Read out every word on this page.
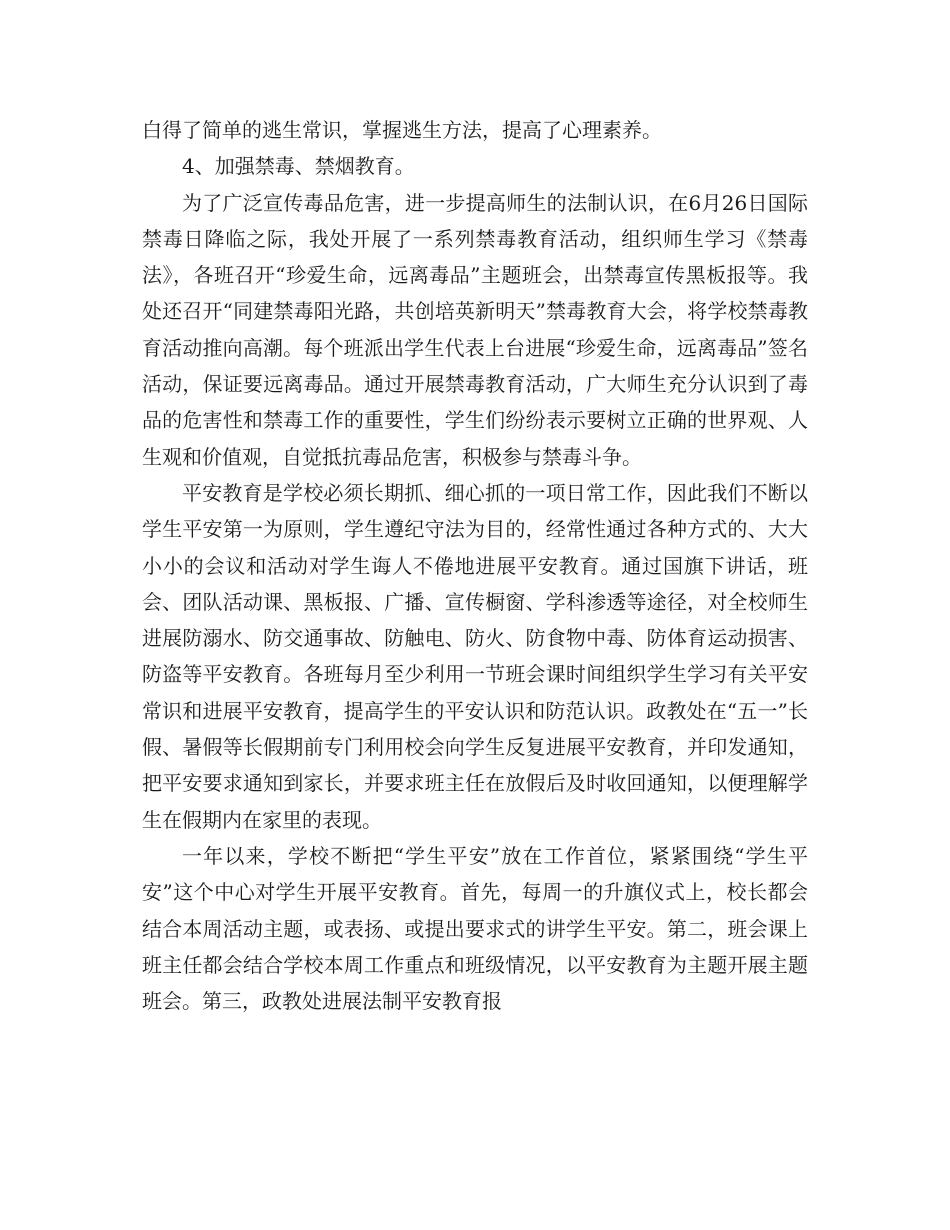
白得了简单的逃生常识，掌握逃生方法，提高了心理素养。

4、加强禁毒、禁烟教育。

为了广泛宣传毒品危害，进一步提高师生的法制认识，在6月26日国际禁毒日降临之际，我处开展了一系列禁毒教育活动，组织师生学习《禁毒法》，各班召开“珍爱生命，远离毒品”主题班会，出禁毒宣传黑板报等。我处还召开“同建禁毒阳光路，共创培英新明天”禁毒教育大会，将学校禁毒教育活动推向高潮。每个班派出学生代表上台进展“珍爱生命，远离毒品”签名活动，保证要远离毒品。通过开展禁毒教育活动，广大师生充分认识到了毒品的危害性和禁毒工作的重要性，学生们纷纷表示要树立正确的世界观、人生观和价值观，自觉抵抗毒品危害，积极参与禁毒斗争。

平安教育是学校必须长期抓、细心抓的一项日常工作，因此我们不断以学生平安第一为原则，学生遵纪守法为目的，经常性通过各种方式的、大大小小的会议和活动对学生诲人不倦地进展平安教育。通过国旗下讲话，班会、团队活动课、黑板报、广播、宣传橱窗、学科渗透等途径，对全校师生进展防溺水、防交通事故、防触电、防火、防食物中毒、防体育运动损害、防盗等平安教育。各班每月至少利用一节班会课时间组织学生学习有关平安常识和进展平安教育，提高学生的平安认识和防范认识。政教处在“五一”长假、暑假等长假期前专门利用校会向学生反复进展平安教育，并印发通知，把平安要求通知到家长，并要求班主任在放假后及时收回通知，以便理解学生在假期内在家里的表现。

一年以来，学校不断把“学生平安”放在工作首位，紧紧围绕“学生平安”这个中心对学生开展平安教育。首先，每周一的升旗仪式上，校长都会结合本周活动主题，或表扬、或提出要求式的讲学生平安。第二，班会课上班主任都会结合学校本周工作重点和班级情况，以平安教育为主题开展主题班会。第三，政教处进展法制平安教育报
